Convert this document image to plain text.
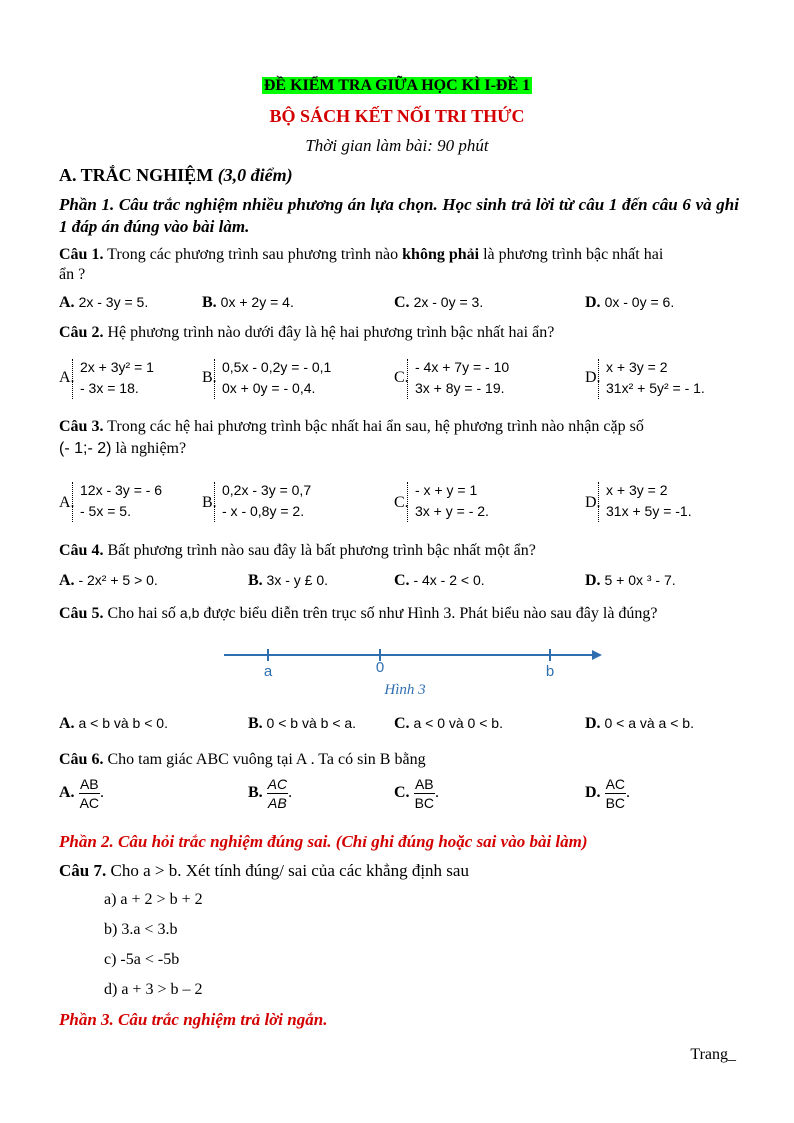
ĐỀ KIỂM TRA GIỮA HỌC KÌ I-ĐỀ 1
BỘ SÁCH KẾT NỐI TRI THỨC
Thời gian làm bài: 90 phút
A. TRẮC NGHIỆM (3,0 điểm)
Phần 1. Câu trắc nghiệm nhiều phương án lựa chọn. Học sinh trả lời từ câu 1 đến câu 6 và ghi 1 đáp án đúng vào bài làm.
Câu 1. Trong các phương trình sau phương trình nào không phải là phương trình bậc nhất hai
ẩn ?
A. 2x - 3y = 5.	B. 0x + 2y = 4.	C. 2x - 0y = 3.	D. 0x - 0y = 6.
Câu 2. Hệ phương trình nào dưới đây là hệ hai phương trình bậc nhất hai ẩn?
A.
2x + 3y² = 1
- 3x = 18.
B.
0,5x - 0,2y = - 0,1
0x + 0y = - 0,4.
C.
- 4x + 7y = - 10
3x + 8y = - 19.
D.
x + 3y = 2
31x² + 5y² = - 1.
Câu 3. Trong các hệ hai phương trình bậc nhất hai ẩn sau, hệ phương trình nào nhận cặp số
(- 1;- 2) là nghiệm?
A.
12x - 3y = - 6
- 5x = 5.	B.
0,2x - 3y = 0,7
- x - 0,8y = 2.	C.
- x + y = 1
3x + y = - 2.	D.
x + 3y = 2
31x + 5y = -1.
Câu 4. Bất phương trình nào sau đây là bất phương trình bậc nhất một ẩn?
A. - 2x² + 5 > 0.	B. 3x - y £ 0.	C. - 4x - 2 < 0.	D. 5 + 0x ³ - 7.
Câu 5. Cho hai số a,b được biểu diễn trên trục số như Hình 3. Phát biểu nào sau đây là đúng?
a	0	b
Hình 3
A. a < b và b < 0.	B. 0 < b và b < a. C. a < 0 và 0 < b.	D. 0 < a và a < b.
Câu 6. Cho tam giác ABC vuông tại A . Ta có sin B bằng
A. $\frac{AB}{AC}$ .	B. $\frac{AC}{AB}$ .	C. $\frac{AB}{BC}$ .	D. $\frac{AC}{BC}$ .
Phần 2. Câu hỏi trắc nghiệm đúng sai. (Chỉ ghi đúng hoặc sai vào bài làm)
Câu 7. Cho a > b. Xét tính đúng/ sai của các khẳng định sau
a) a + 2 > b + 2
b) 3.a < 3.b
c) -5a < -5b
d) a + 3 > b – 2
Phần 3. Câu trắc nghiệm trả lời ngắn.
Trang_
